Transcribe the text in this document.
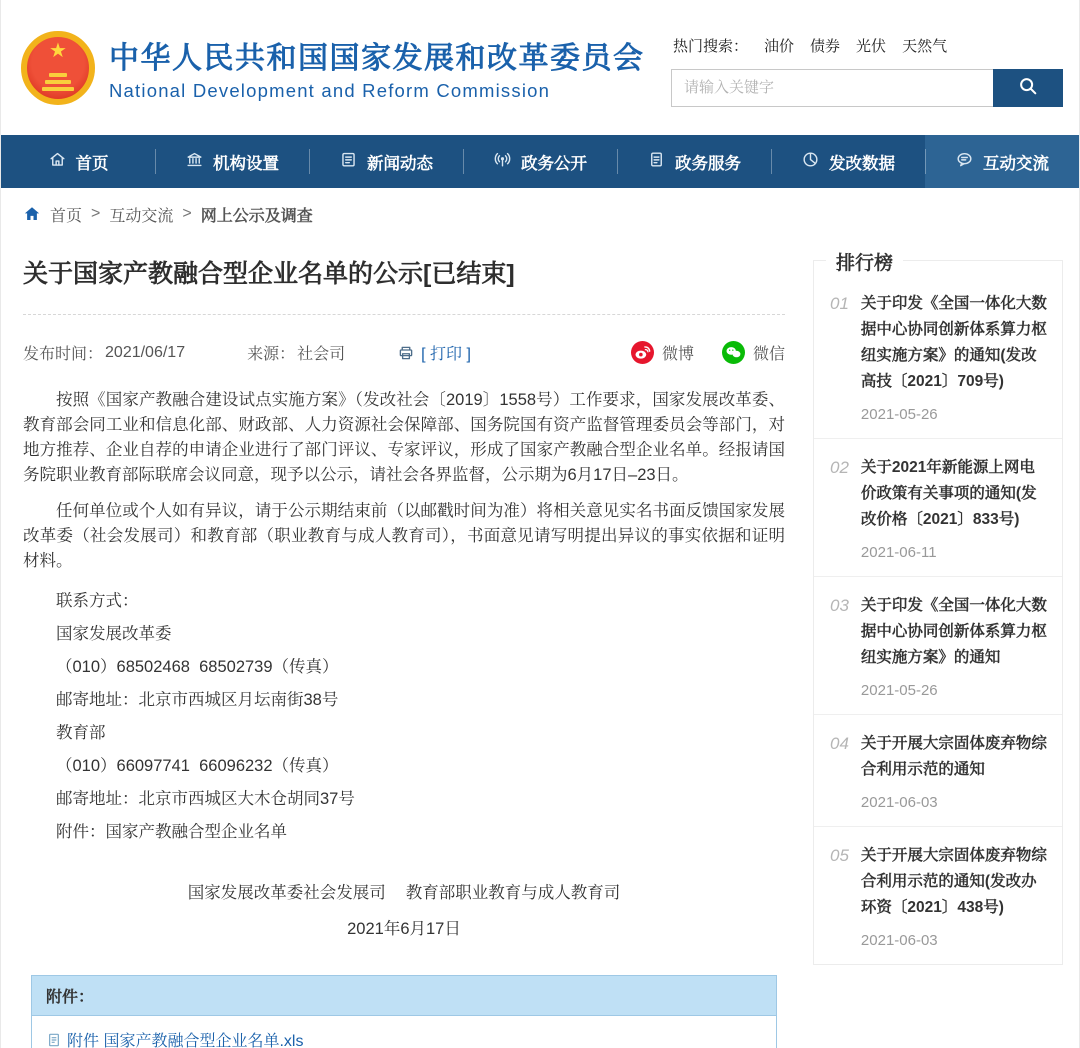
★	中华人民共和国国家发展和改革委员会
National Development and Reform Commission
热门搜索： 油价 债券 光伏 天然气
请输入关键字
首页	机构设置	新闻动态	政务公开	政务服务	发改数据	互动交流
首页 > 互动交流 > 网上公示及调查
关于国家产教融合型企业名单的公示[已结束]
发布时间： 2021/06/17	来源： 社会司	[ 打印 ]	微博	微信

按照《国家产教融合建设试点实施方案》（发改社会〔2019〕1558号）工作要求，国家发展改革委、教育部会同工业和信息化部、财政部、人力资源社会保障部、国务院国有资产监督管理委员会等部门，对地方推荐、企业自荐的申请企业进行了部门评议、专家评议，形成了国家产教融合型企业名单。经报请国务院职业教育部际联席会议同意，现予以公示，请社会各界监督，公示期为6月17日–23日。

任何单位或个人如有异议，请于公示期结束前（以邮戳时间为准）将相关意见实名书面反馈国家发展改革委（社会发展司）和教育部（职业教育与成人教育司），书面意见请写明提出异议的事实依据和证明材料。

联系方式：

国家发展改革委

（010）68502468  68502739（传真）

邮寄地址：北京市西城区月坛南街38号

教育部

（010）66097741  66096232（传真）

邮寄地址：北京市西城区大木仓胡同37号

附件：国家产教融合型企业名单

国家发展改革委社会发展司 教育部职业教育与成人教育司
2021年6月17日
附件：
附件 国家产教融合型企业名单.xls
排行榜
01 关于印发《全国一体化大数据中心协同创新体系算力枢纽实施方案》的通知(发改高技〔2021〕709号)
2021-05-26
02 关于2021年新能源上网电价政策有关事项的通知(发改价格〔2021〕833号)
2021-06-11
03 关于印发《全国一体化大数据中心协同创新体系算力枢纽实施方案》的通知
2021-05-26
04 关于开展大宗固体废弃物综合利用示范的通知
2021-06-03
05 关于开展大宗固体废弃物综合利用示范的通知(发改办环资〔2021〕438号)
2021-06-03
